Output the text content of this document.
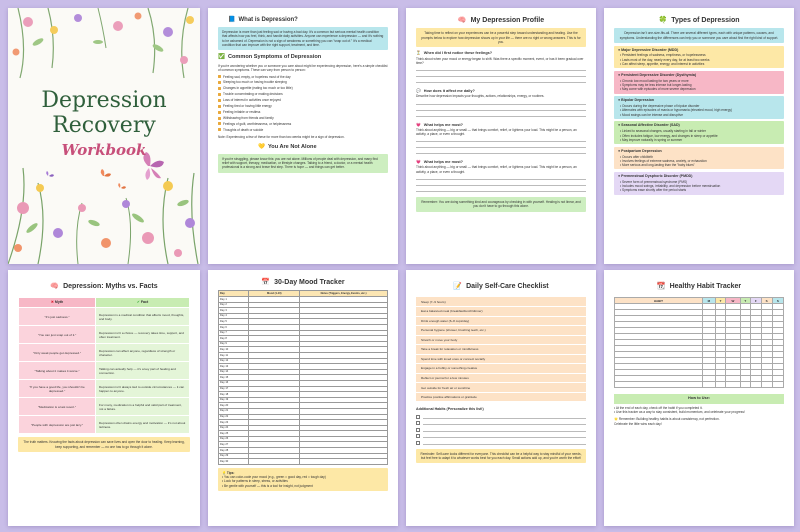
Depression
Recovery
Workbook
📘 What is Depression?
Depression is more than just feeling sad or having a bad day. It's a common but serious mental health condition that affects how you feel, think, and handle daily activities. Anyone can experience a depression — and it's nothing to be ashamed of. Depression is not a sign of weakness or something you can "snap out of." It's a medical condition that can improve with the right support, treatment, and time.
✅ Common Symptoms of Depression
If you're wondering whether you or someone you care about might be experiencing depression, here's a simple checklist of common symptoms. These can vary from person to person:
Feeling sad, empty, or hopeless most of the day
Sleeping too much or having trouble sleeping
Changes in appetite (eating too much or too little)
Trouble concentrating or making decisions
Loss of interest in activities once enjoyed
Feeling tired or having little energy
Feeling irritable or restless
Withdrawing from friends and family
Feelings of guilt, worthlessness, or helplessness
Thoughts of death or suicide
Note: Experiencing a few of these for more than two weeks might be a sign of depression.
💛 You Are Not Alone
If you're struggling, please know this: you are not alone. Millions of people deal with depression, and many find relief with support, therapy, medication, or lifestyle changes. Talking to a friend, a doctor, or a mental health professional is a strong and brave first step. There is hope — and things can get better.
🧠 My Depression Profile
Taking time to reflect on your experiences can be a powerful step toward understanding and healing. Use the prompts below to explore how depression shows up in your life — there are no right or wrong answers. This is for you.
⏳ When did I first notice these feelings?
Think about when your mood or energy began to shift. Was there a specific moment, event, or has it been gradual over time?
💬 How does it affect me daily?
Describe how depression impacts your thoughts, actions, relationships, energy, or routines.
💗 What helps me most?
Think about anything — big or small — that brings comfort, relief, or lightens your load. This might be a person, an activity, a place, or even a thought.
💗 What helps me most?
Think about anything — big or small — that brings comfort, relief, or lightens your load. This might be a person, an activity, a place, or even a thought.
Remember: You are doing something kind and courageous by checking in with yourself. Healing is not linear, and you don't have to go through this alone.
🍀 Types of Depression
Depression isn't one-size-fits-all. There are several different types, each with unique patterns, causes, and symptoms. Understanding the differences can help you or someone you care about find the right kind of support.
● Major Depressive Disorder (MDD)
• Persistent feelings of sadness, emptiness, or hopelessness
• Lasts most of the day, nearly every day, for at least two weeks
• Can affect sleep, appetite, energy, and interest in activities
● Persistent Depressive Disorder (Dysthymia)
• Chronic low mood lasting for two years or more
• Symptoms may be less intense but longer-lasting
• May come with episodes of more severe depression
● Bipolar Depression
• Occurs during the depressive phase of bipolar disorder
• Alternates with episodes of mania or hypomania (elevated mood, high energy)
• Mood swings can be intense and disruptive
● Seasonal Affective Disorder (SAD)
• Linked to seasonal changes, usually starting in fall or winter
• Often includes fatigue, low energy, and changes in sleep or appetite
• May improve naturally in spring or summer
● Postpartum Depression
• Occurs after childbirth
• Involves feelings of extreme sadness, anxiety, or exhaustion
• More serious and long-lasting than the "baby blues"
● Premenstrual Dysphoric Disorder (PMDD)
• Severe form of premenstrual syndrome (PMS)
• Includes mood swings, irritability, and depression before menstruation
• Symptoms ease shortly after the period starts
🧠 Depression: Myths vs. Facts
✖ Myth	✔ Fact
"It's just sadness."	Depression is a medical condition that affects mood, thoughts, and body.
"You can just snap out of it."	Depression isn't a choice — recovery takes time, support, and often treatment.
"Only weak people get depressed."	Depression can affect anyone, regardless of strength or character.
"Talking about it makes it worse."	Talking can actually help — it's a key part of healing and connection.
"If you have a good life, you shouldn't be depressed."	Depression isn't always tied to outside circumstances — it can happen to anyone.
"Medication is a last resort."	For many, medication is a helpful and valid part of treatment, not a failure.
"People with depression are just lazy."	Depression often drains energy and motivation — it's not about laziness.
The truth matters. Knowing the facts about depression can save lives and open the door to healing. Keep learning, keep supporting, and remember — no one has to go through it alone.
📅 30-Day Mood Tracker
Day	Mood (1-10)	Notes (Triggers, Energy, Events, etc.)
Day 1		
Day 2		
Day 3		
Day 4		
Day 5		
Day 6		
Day 7		
Day 8		
Day 9		
Day 10		
Day 11		
Day 12		
Day 13		
Day 14		
Day 15		
Day 16		
Day 17		
Day 18		
Day 19		
Day 20		
Day 21		
Day 22		
Day 23		
Day 24		
Day 25		
Day 26		
Day 27		
Day 28		
Day 29		
Day 30		
💡 Tips:
• You can color-code your mood (e.g., green = good day, red = tough day)
• Look for patterns in sleep, stress, or activities
• Be gentle with yourself — this is a tool for insight, not judgment
📝 Daily Self-Care Checklist
Sleep (7–9 hours)
Eat a balanced meal (breakfast/lunch/dinner)
Drink enough water (6–8 cups/day)
Personal hygiene (shower, brushing teeth, etc.)
Stretch or move your body
Take a break for relaxation or mindfulness
Spend time with loved ones or connect socially
Engage in a hobby or something creative
Reflect or journal for a few minutes
Get outside for fresh air or sunshine
Practice positive affirmations or gratitude
Additional Habits (Personalize this list!)
Reminder: Self-care looks different for everyone. This checklist can be a helpful way to stay mindful of your needs, but feel free to adapt it to whatever works best for you each day. Small actions add up, and you're worth the effort!
📆 Healthy Habit Tracker
HABIT	M	T	W	T	F	S	S

How to Use:
• At the end of each day, check off the habit if you completed it.
• Use this tracker as a way to stay consistent, build momentum, and celebrate your progress!
🌟 Remember: Building healthy habits is about consistency, not perfection.
Celebrate the little wins each day!
